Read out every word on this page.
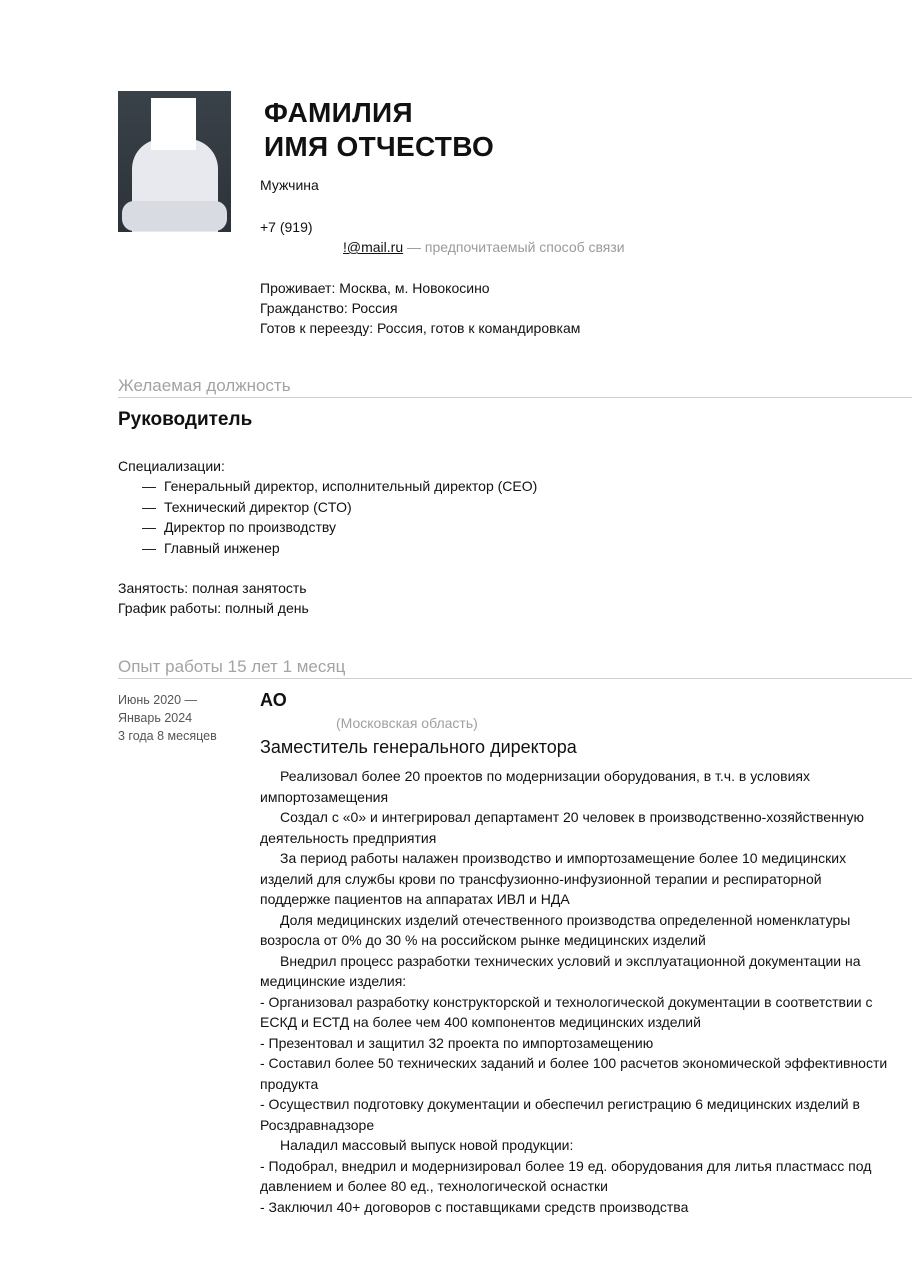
ФАМИЛИЯ
ИМЯ ОТЧЕСТВО
Мужчина
+7 (919)
!@mail.ru — предпочитаемый способ связи
Проживает: Москва, м. Новокосино
Гражданство: Россия
Готов к переезду: Россия, готов к командировкам
Желаемая должность
Руководитель
Специализации:
— Генеральный директор, исполнительный директор (CEO)
— Технический директор (CTO)
— Директор по производству
— Главный инженер
Занятость: полная занятость
График работы: полный день
Опыт работы 15 лет 1 месяц
Июнь 2020 —
Январь 2024
3 года 8 месяцев
АО
(Московская область)
Заместитель генерального директора

Реализовал более 20 проектов по модернизации оборудования, в т.ч. в условиях импортозамещения

Создал с «0» и интегрировал департамент 20 человек в производственно-хозяйственную деятельность предприятия

За период работы налажен производство и импортозамещение более 10 медицинских изделий для службы крови по трансфузионно-инфузионной терапии и респираторной поддержке пациентов на аппаратах ИВЛ и НДА

Доля медицинских изделий отечественного производства определенной номенклатуры возросла от 0% до 30 % на российском рынке медицинских изделий

Внедрил процесс разработки технических условий и эксплуатационной документации на медицинские изделия:

- Организовал разработку конструкторской и технологической документации в соответствии с ЕСКД и ЕСТД на более чем 400 компонентов медицинских изделий

- Презентовал и защитил 32 проекта по импортозамещению

- Составил более 50 технических заданий и более 100 расчетов экономической эффективности продукта

- Осуществил подготовку документации и обеспечил регистрацию 6 медицинских изделий в Росздравнадзоре

Наладил массовый выпуск новой продукции:

- Подобрал, внедрил и модернизировал более 19 ед. оборудования для литья пластмасс под давлением и более 80 ед., технологической оснастки

- Заключил 40+ договоров с поставщиками средств производства
